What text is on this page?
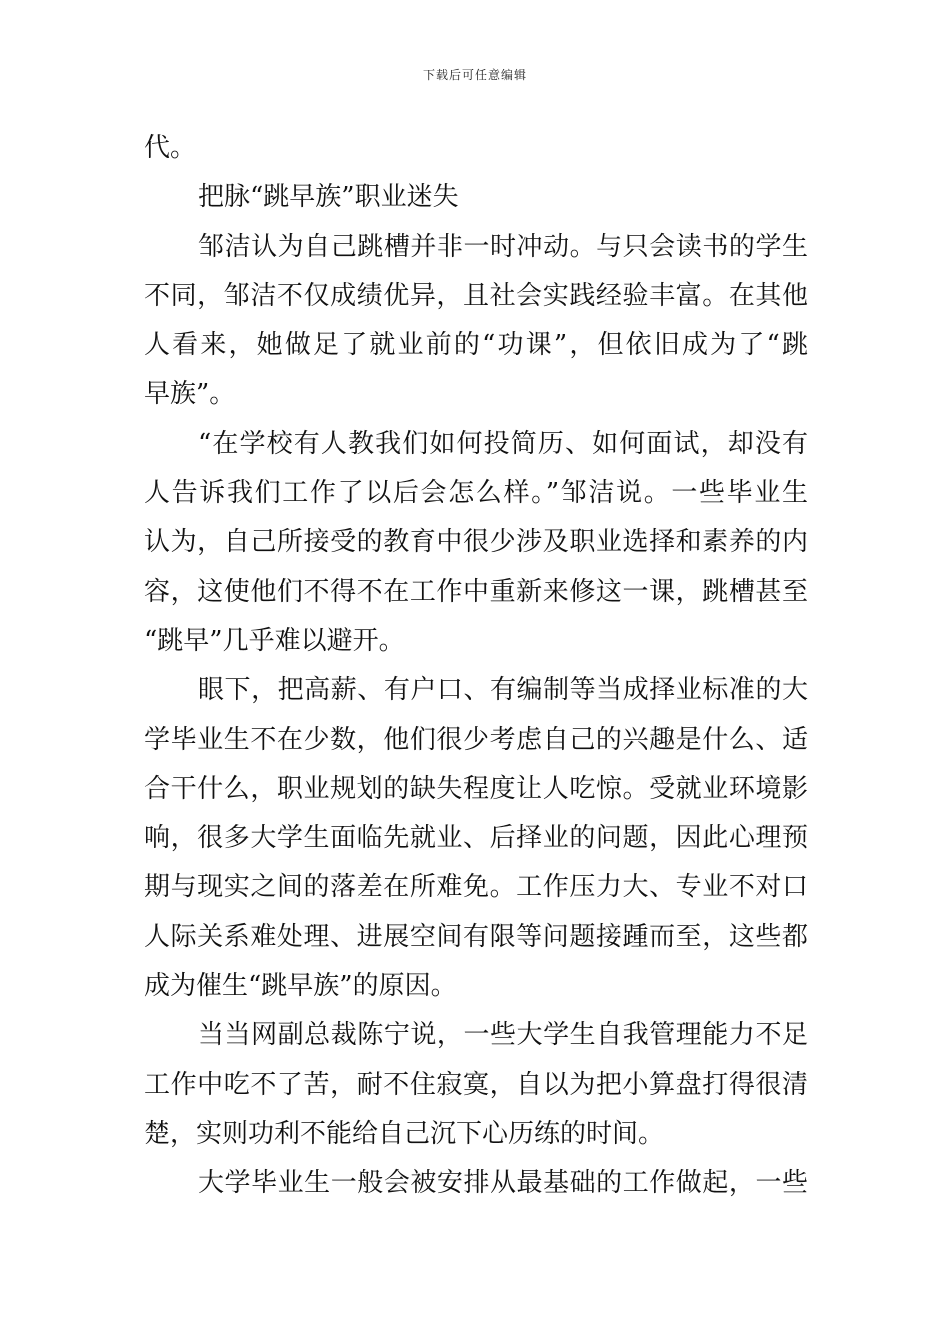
下载后可任意编辑
代。
把脉“跳早族”职业迷失
邹洁认为自己跳槽并非一时冲动。与只会读书的学生
不同，邹洁不仅成绩优异，且社会实践经验丰富。在其他
人看来，她做足了就业前的“功课”，但依旧成为了“跳
早族”。
“在学校有人教我们如何投简历、如何面试，却没有
人告诉我们工作了以后会怎么样。”邹洁说。一些毕业生
认为，自己所接受的教育中很少涉及职业选择和素养的内
容，这使他们不得不在工作中重新来修这一课，跳槽甚至
“跳早”几乎难以避开。
眼下，把高薪、有户口、有编制等当成择业标准的大
学毕业生不在少数，他们很少考虑自己的兴趣是什么、适
合干什么，职业规划的缺失程度让人吃惊。受就业环境影
响，很多大学生面临先就业、后择业的问题，因此心理预
期与现实之间的落差在所难免。工作压力大、专业不对口
人际关系难处理、进展空间有限等问题接踵而至，这些都
成为催生“跳早族”的原因。
当当网副总裁陈宁说，一些大学生自我管理能力不足
工作中吃不了苦，耐不住寂寞，自以为把小算盘打得很清
楚，实则功利不能给自己沉下心历练的时间。
大学毕业生一般会被安排从最基础的工作做起，一些
